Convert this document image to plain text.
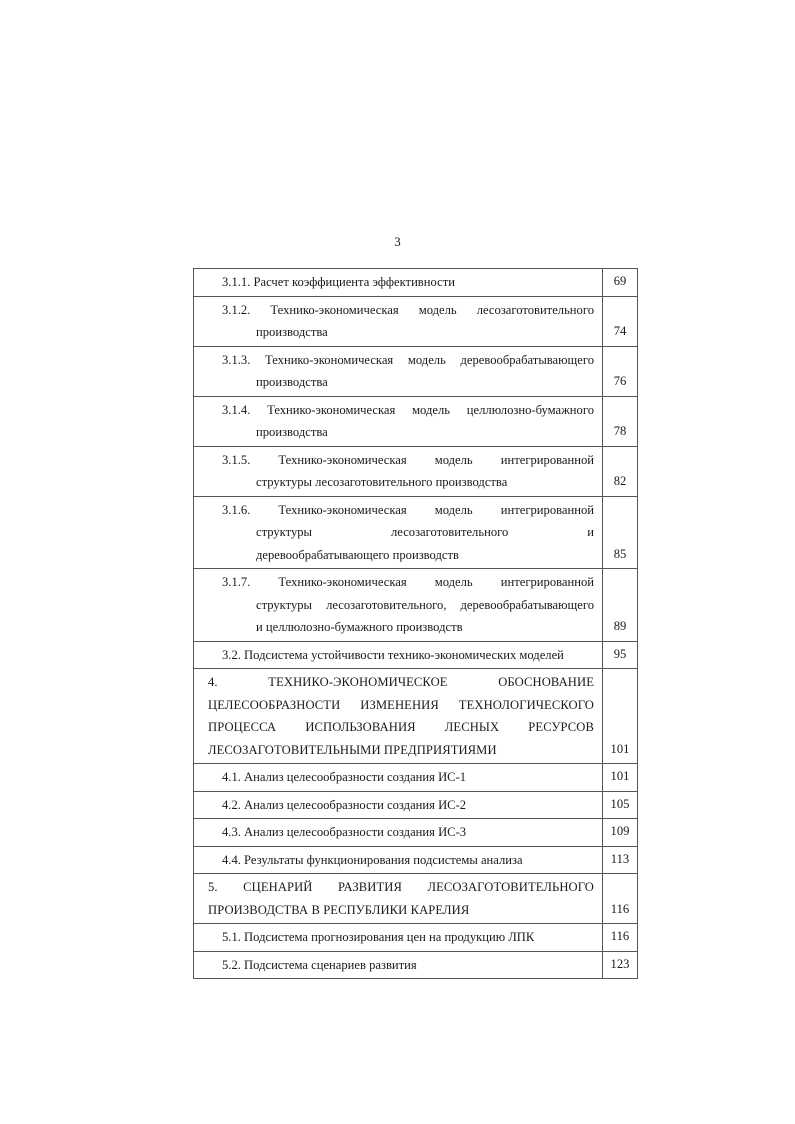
3
3.1.1. Расчет коэффициента эффективности	69

3.1.2. Технико-экономическая модель лесозаготовительного
производства	74

3.1.3. Технико-экономическая модель деревообрабатывающего
производства	76

3.1.4. Технико-экономическая модель целлюлозно-бумажного
производства	78

3.1.5. Технико-экономическая модель интегрированной
структуры лесозаготовительного производства	82

3.1.6. Технико-экономическая модель интегрированной
структуры лесозаготовительного и
деревообрабатывающего производств	85

3.1.7. Технико-экономическая модель интегрированной
структуры лесозаготовительного, деревообрабатывающего
и целлюлозно-бумажного производств	89

3.2. Подсистема устойчивости технико-экономических моделей	95

4. ТЕХНИКО-ЭКОНОМИЧЕСКОЕ ОБОСНОВАНИЕ
ЦЕЛЕСООБРАЗНОСТИ ИЗМЕНЕНИЯ ТЕХНОЛОГИЧЕСКОГО
ПРОЦЕССА ИСПОЛЬЗОВАНИЯ ЛЕСНЫХ РЕСУРСОВ
ЛЕСОЗАГОТОВИТЕЛЬНЫМИ ПРЕДПРИЯТИЯМИ	101

4.1. Анализ целесообразности создания ИС-1	101

4.2. Анализ целесообразности создания ИС-2	105

4.3. Анализ целесообразности создания ИС-3	109

4.4. Результаты функционирования подсистемы анализа	113

5. СЦЕНАРИЙ РАЗВИТИЯ ЛЕСОЗАГОТОВИТЕЛЬНОГО
ПРОИЗВОДСТВА В РЕСПУБЛИКИ КАРЕЛИЯ	116

5.1. Подсистема прогнозирования цен на продукцию ЛПК	116

5.2. Подсистема сценариев развития	123
